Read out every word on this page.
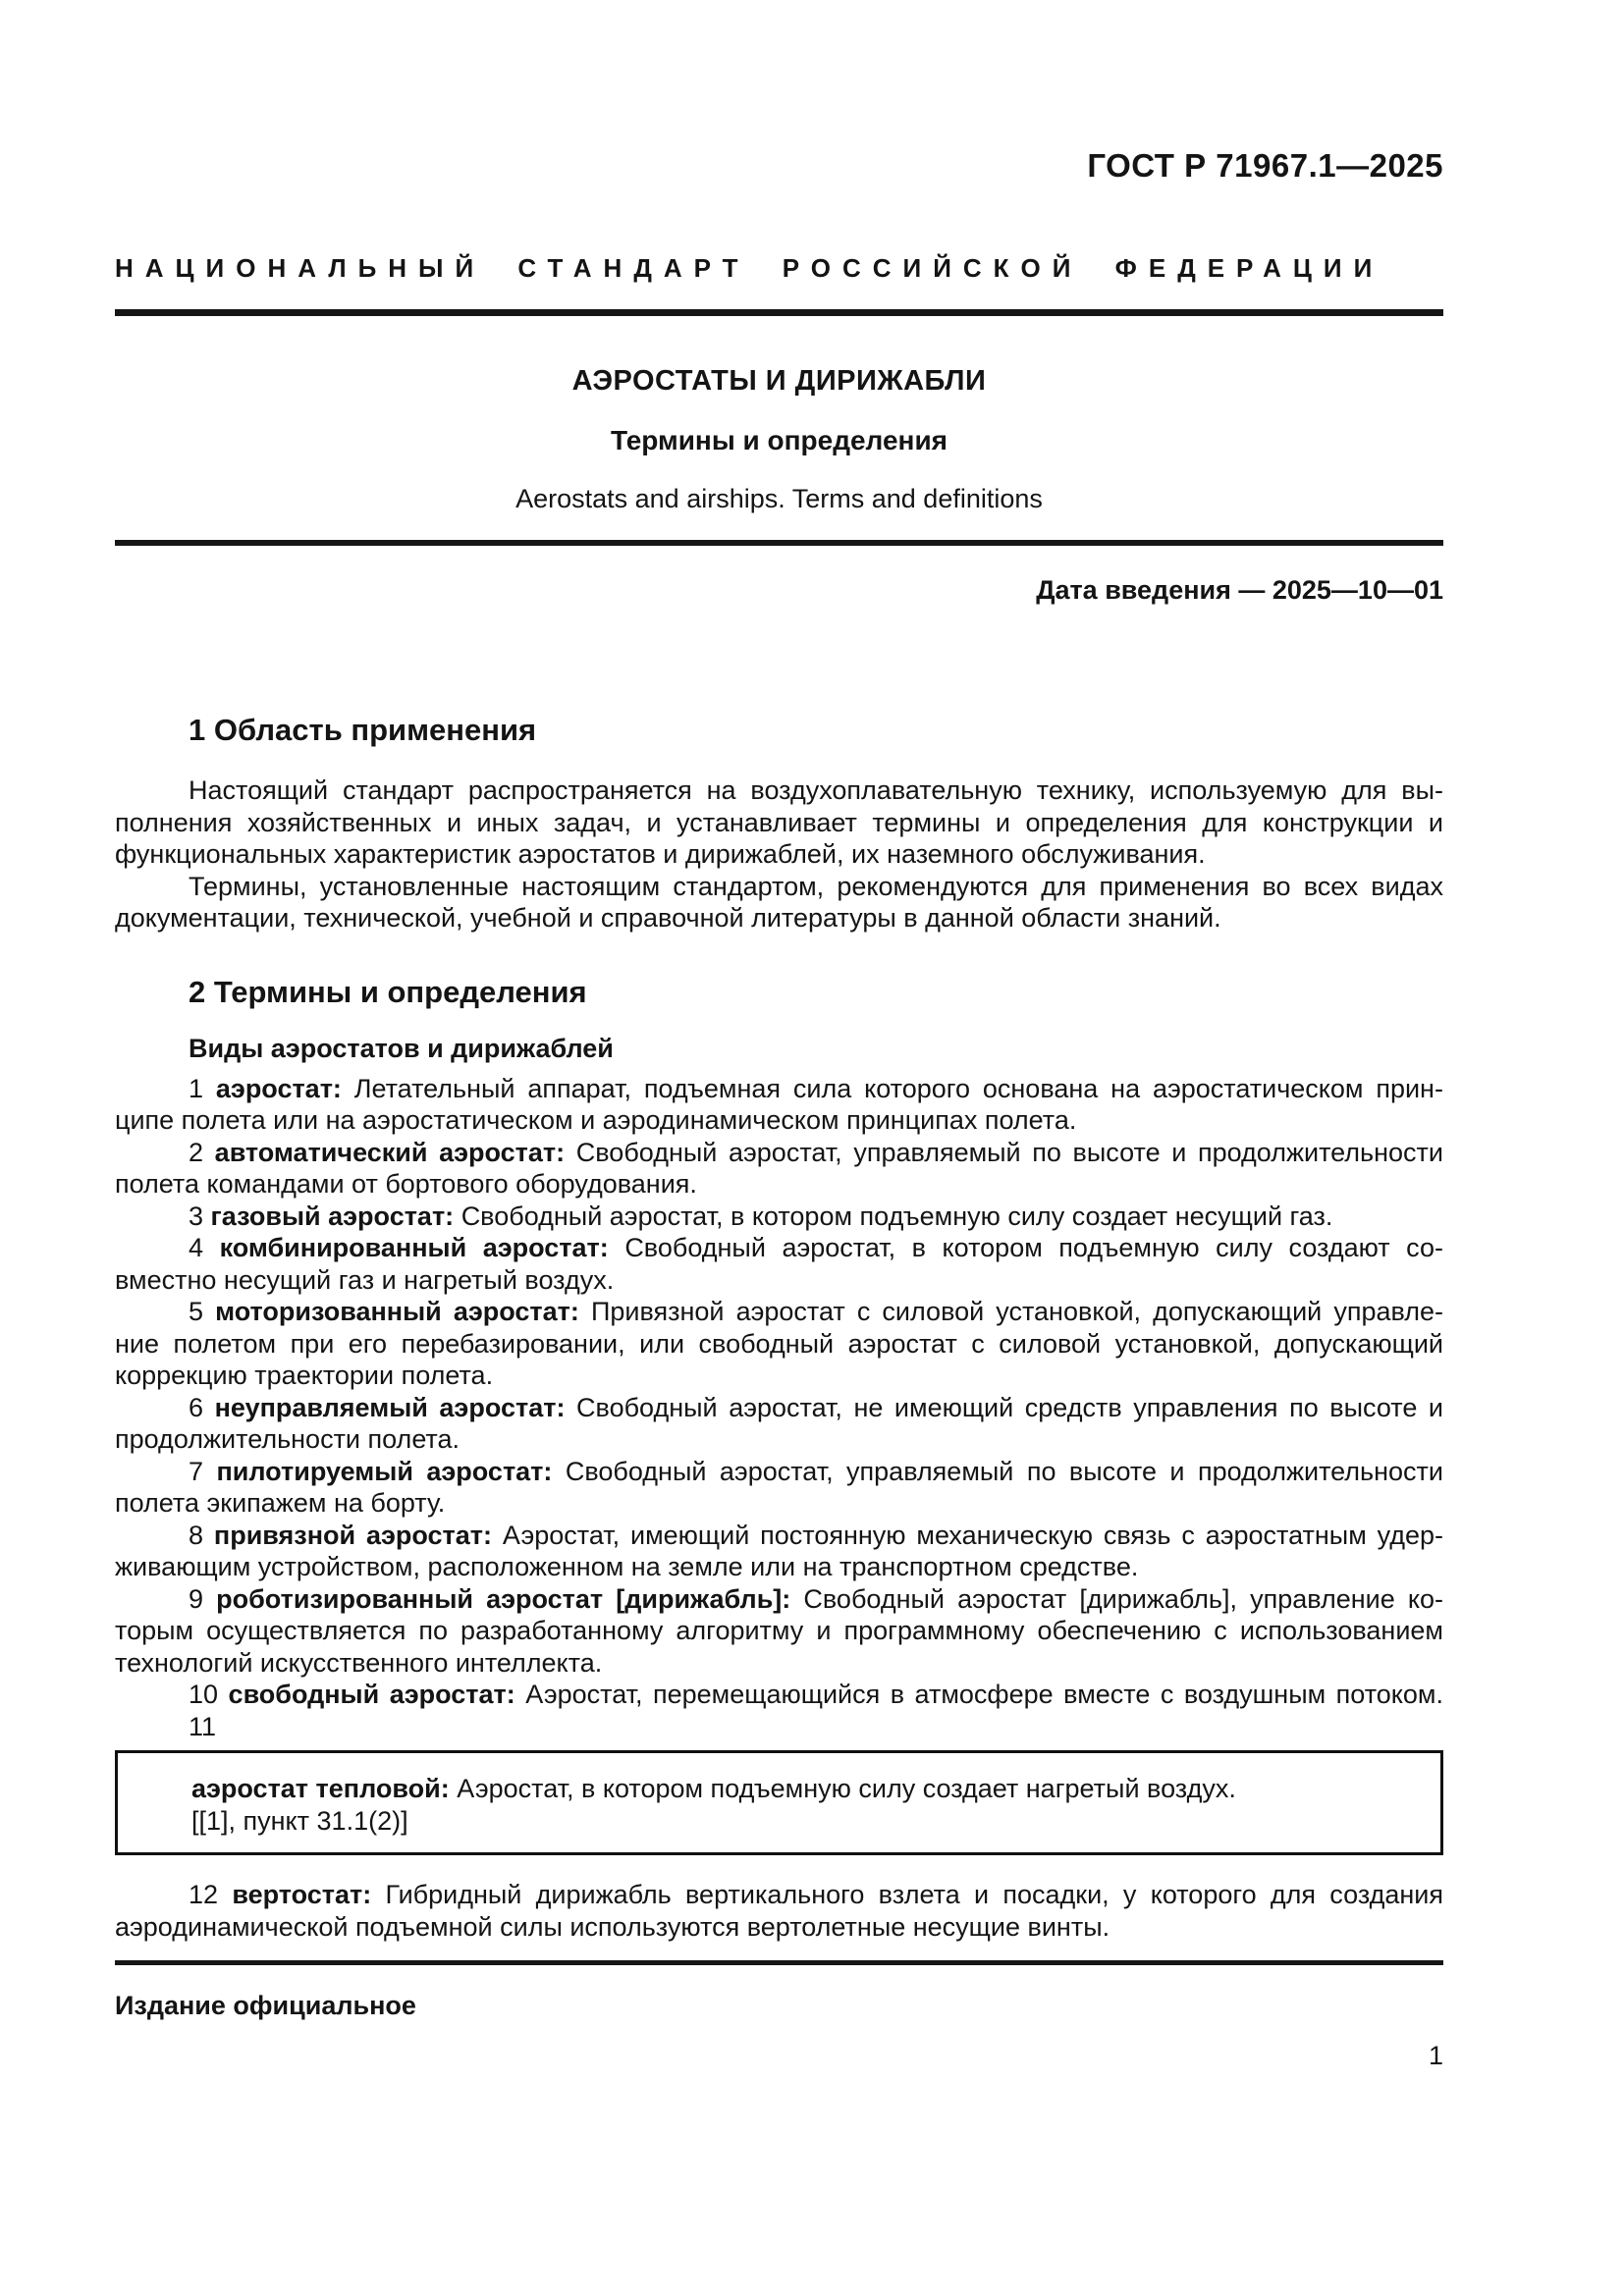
ГОСТ Р 71967.1—2025
НАЦИОНАЛЬНЫЙ СТАНДАРТ РОССИЙСКОЙ ФЕДЕРАЦИИ
АЭРОСТАТЫ И ДИРИЖАБЛИ
Термины и определения
Aerostats and airships. Terms and definitions
Дата введения — 2025—10—01
1 Область применения
Настоящий стандарт распространяется на воздухоплавательную технику, используемую для вы-
полнения хозяйственных и иных задач, и устанавливает термины и определения для конструкции и
функциональных характеристик аэростатов и дирижаблей, их наземного обслуживания.
Термины, установленные настоящим стандартом, рекомендуются для применения во всех видах
документации, технической, учебной и справочной литературы в данной области знаний.
2 Термины и определения
Виды аэростатов и дирижаблей
1 аэростат: Летательный аппарат, подъемная сила которого основана на аэростатическом прин-
ципе полета или на аэростатическом и аэродинамическом принципах полета.
2 автоматический аэростат: Свободный аэростат, управляемый по высоте и продолжительности
полета командами от бортового оборудования.
3 газовый аэростат: Свободный аэростат, в котором подъемную силу создает несущий газ.
4 комбинированный аэростат: Свободный аэростат, в котором подъемную силу создают со-
вместно несущий газ и нагретый воздух.
5 моторизованный аэростат: Привязной аэростат с силовой установкой, допускающий управле-
ние полетом при его перебазировании, или свободный аэростат с силовой установкой, допускающий
коррекцию траектории полета.
6 неуправляемый аэростат: Свободный аэростат, не имеющий средств управления по высоте и
продолжительности полета.
7 пилотируемый аэростат: Свободный аэростат, управляемый по высоте и продолжительности
полета экипажем на борту.
8 привязной аэростат: Аэростат, имеющий постоянную механическую связь с аэростатным удер-
живающим устройством, расположенном на земле или на транспортном средстве.
9 роботизированный аэростат [дирижабль]: Свободный аэростат [дирижабль], управление ко-
торым осуществляется по разработанному алгоритму и программному обеспечению с использованием
технологий искусственного интеллекта.
10 свободный аэростат: Аэростат, перемещающийся в атмосфере вместе с воздушным потоком.
11
аэростат тепловой: Аэростат, в котором подъемную силу создает нагретый воздух.
[[1], пункт 31.1(2)]
12 вертостат: Гибридный дирижабль вертикального взлета и посадки, у которого для создания
аэродинамической подъемной силы используются вертолетные несущие винты.
Издание официальное
1
